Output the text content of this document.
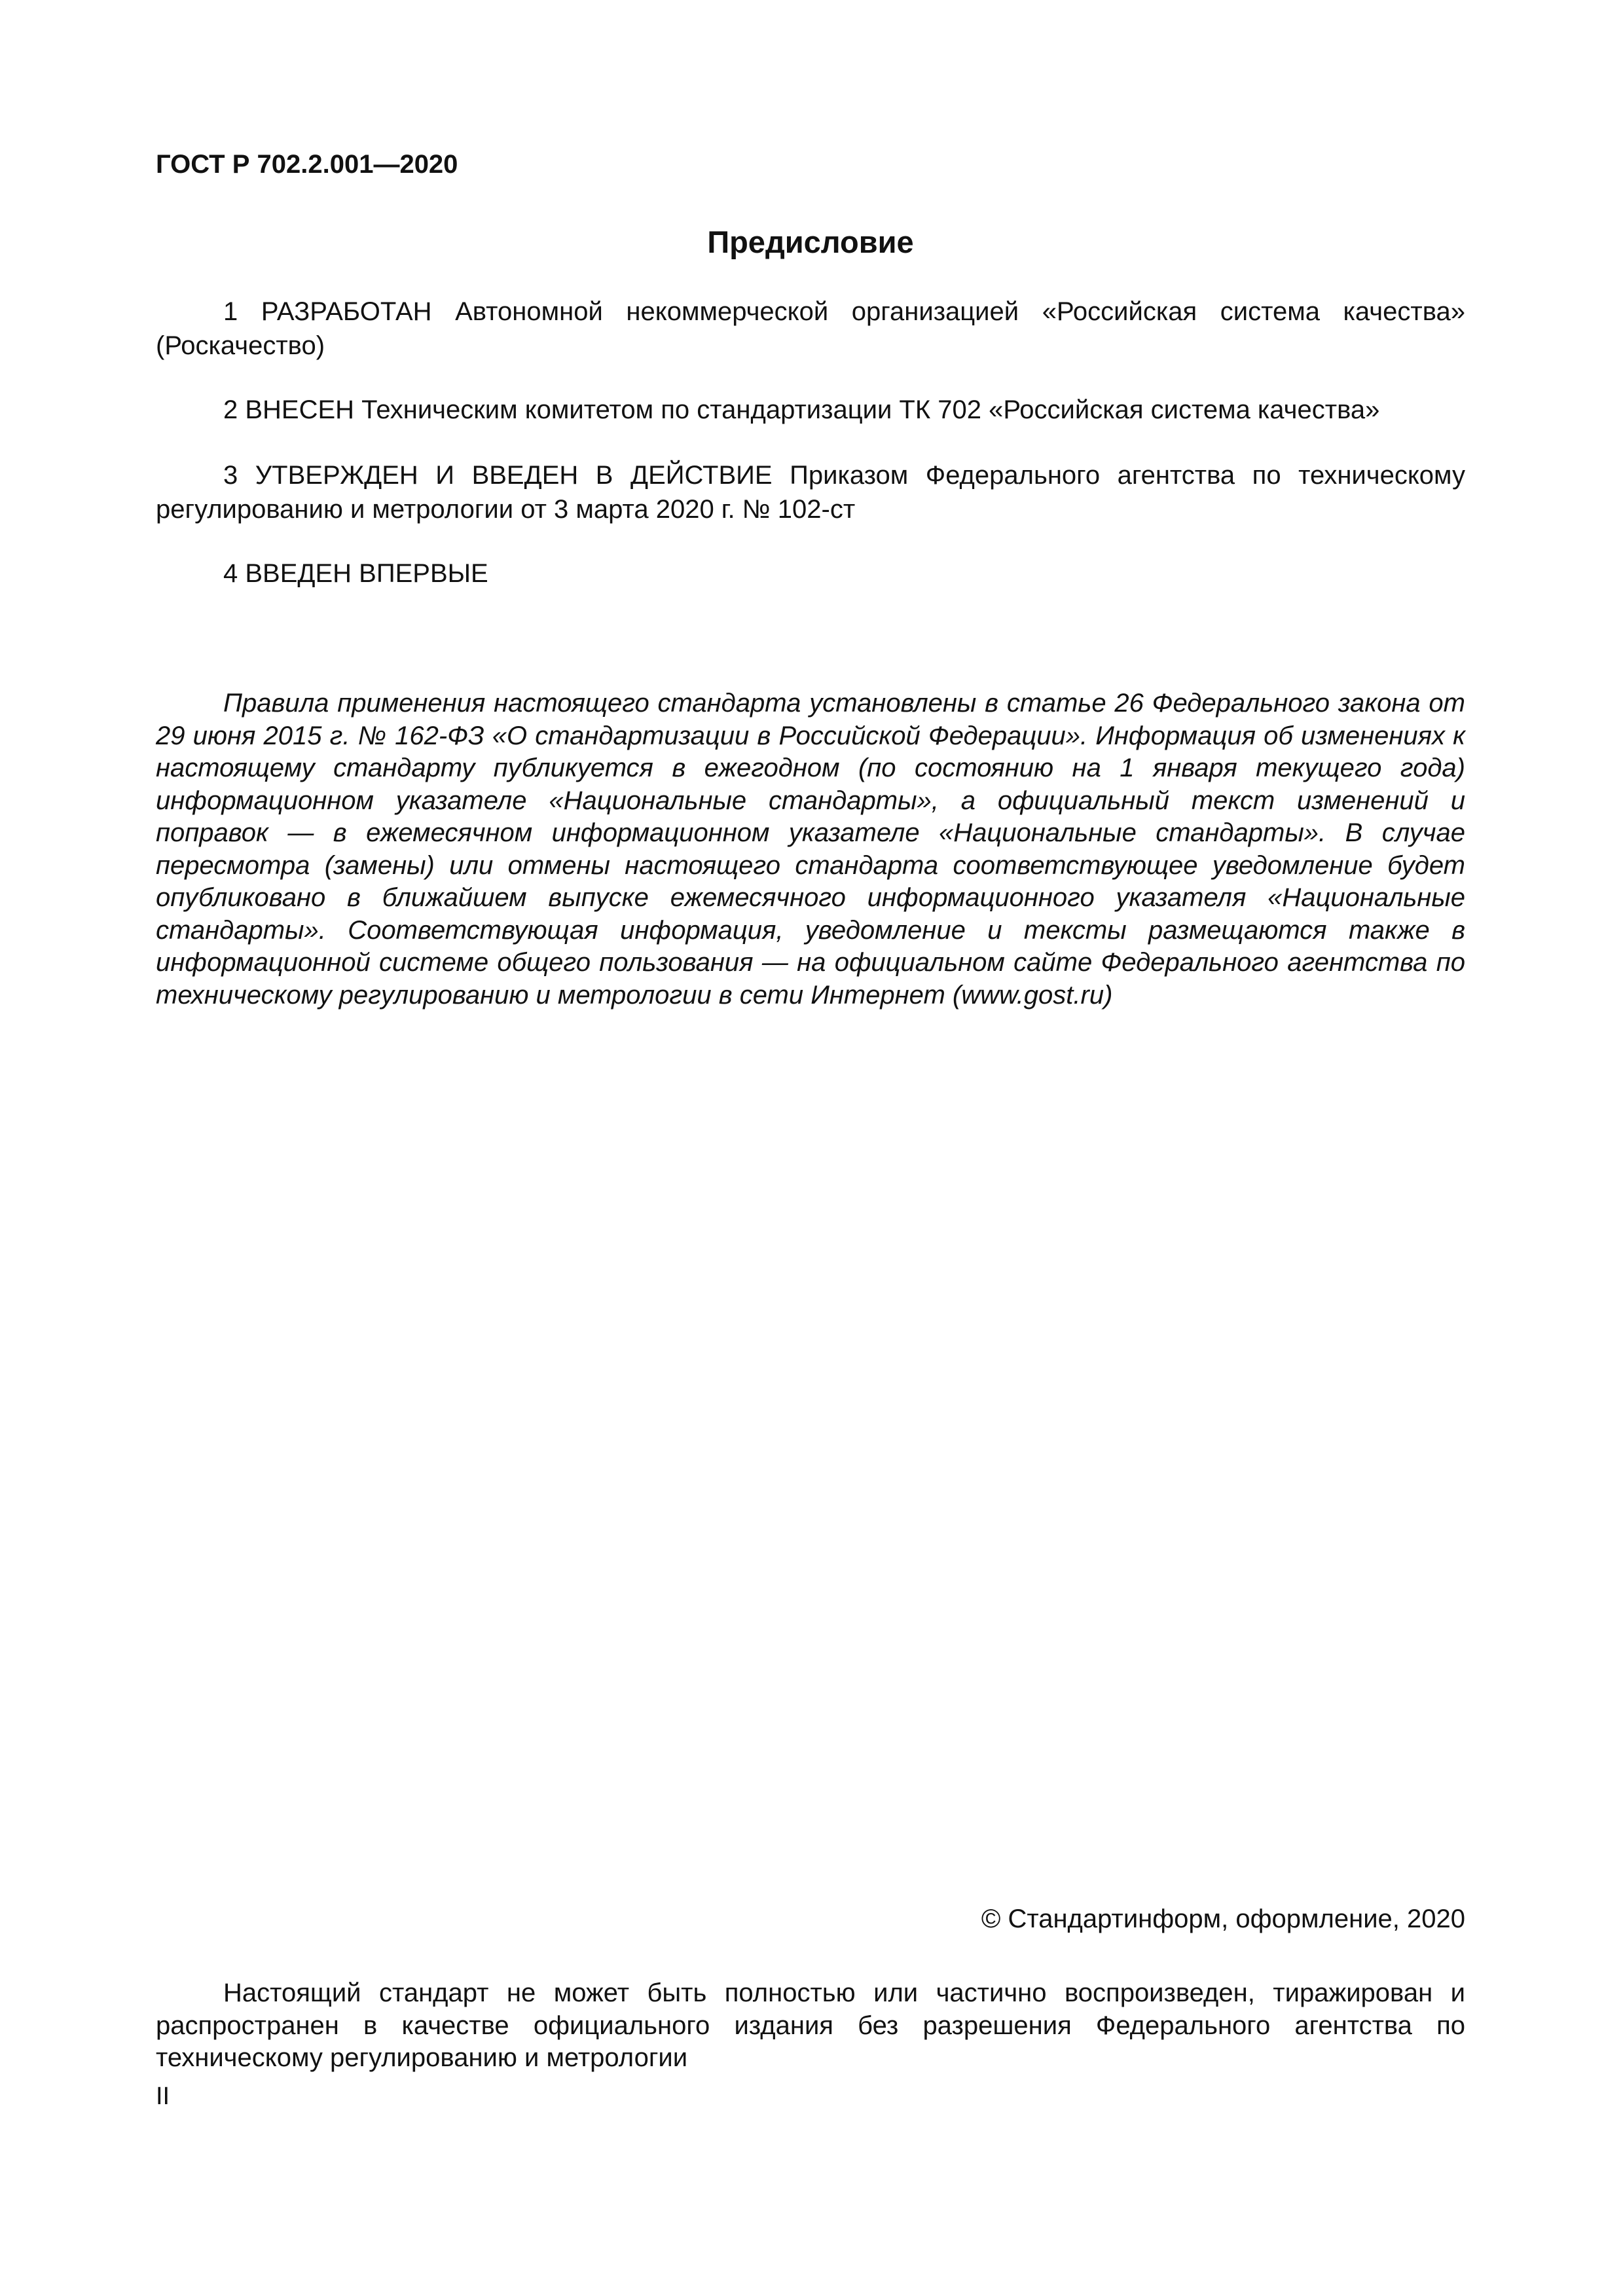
ГОСТ Р 702.2.001—2020
Предисловие

1 РАЗРАБОТАН Автономной некоммерческой организацией «Российская система качества» (Роскачество)

2 ВНЕСЕН Техническим комитетом по стандартизации ТК 702 «Российская система качества»

3 УТВЕРЖДЕН И ВВЕДЕН В ДЕЙСТВИЕ Приказом Федерального агентства по техническому регулированию и метрологии от 3 марта 2020 г. № 102-ст

4 ВВЕДЕН ВПЕРВЫЕ

Правила применения настоящего стандарта установлены в статье 26 Федерального закона от 29 июня 2015 г. № 162-ФЗ «О стандартизации в Российской Федерации». Информация об изменениях к настоящему стандарту публикуется в ежегодном (по состоянию на 1 января текущего года) информационном указателе «Национальные стандарты», а официальный текст изменений и поправок — в ежемесячном информационном указателе «Национальные стандарты». В случае пересмотра (замены) или отмены настоящего стандарта соответствующее уведомление будет опубликовано в ближайшем выпуске ежемесячного информационного указателя «Национальные стандарты». Соответствующая информация, уведомление и тексты размещаются также в информационной системе общего пользования — на официальном сайте Федерального агентства по техническому регулированию и метрологии в сети Интернет (www.gost.ru)

© Стандартинформ, оформление, 2020

Настоящий стандарт не может быть полностью или частично воспроизведен, тиражирован и распространен в качестве официального издания без разрешения Федерального агентства по техническому регулированию и метрологии

II
